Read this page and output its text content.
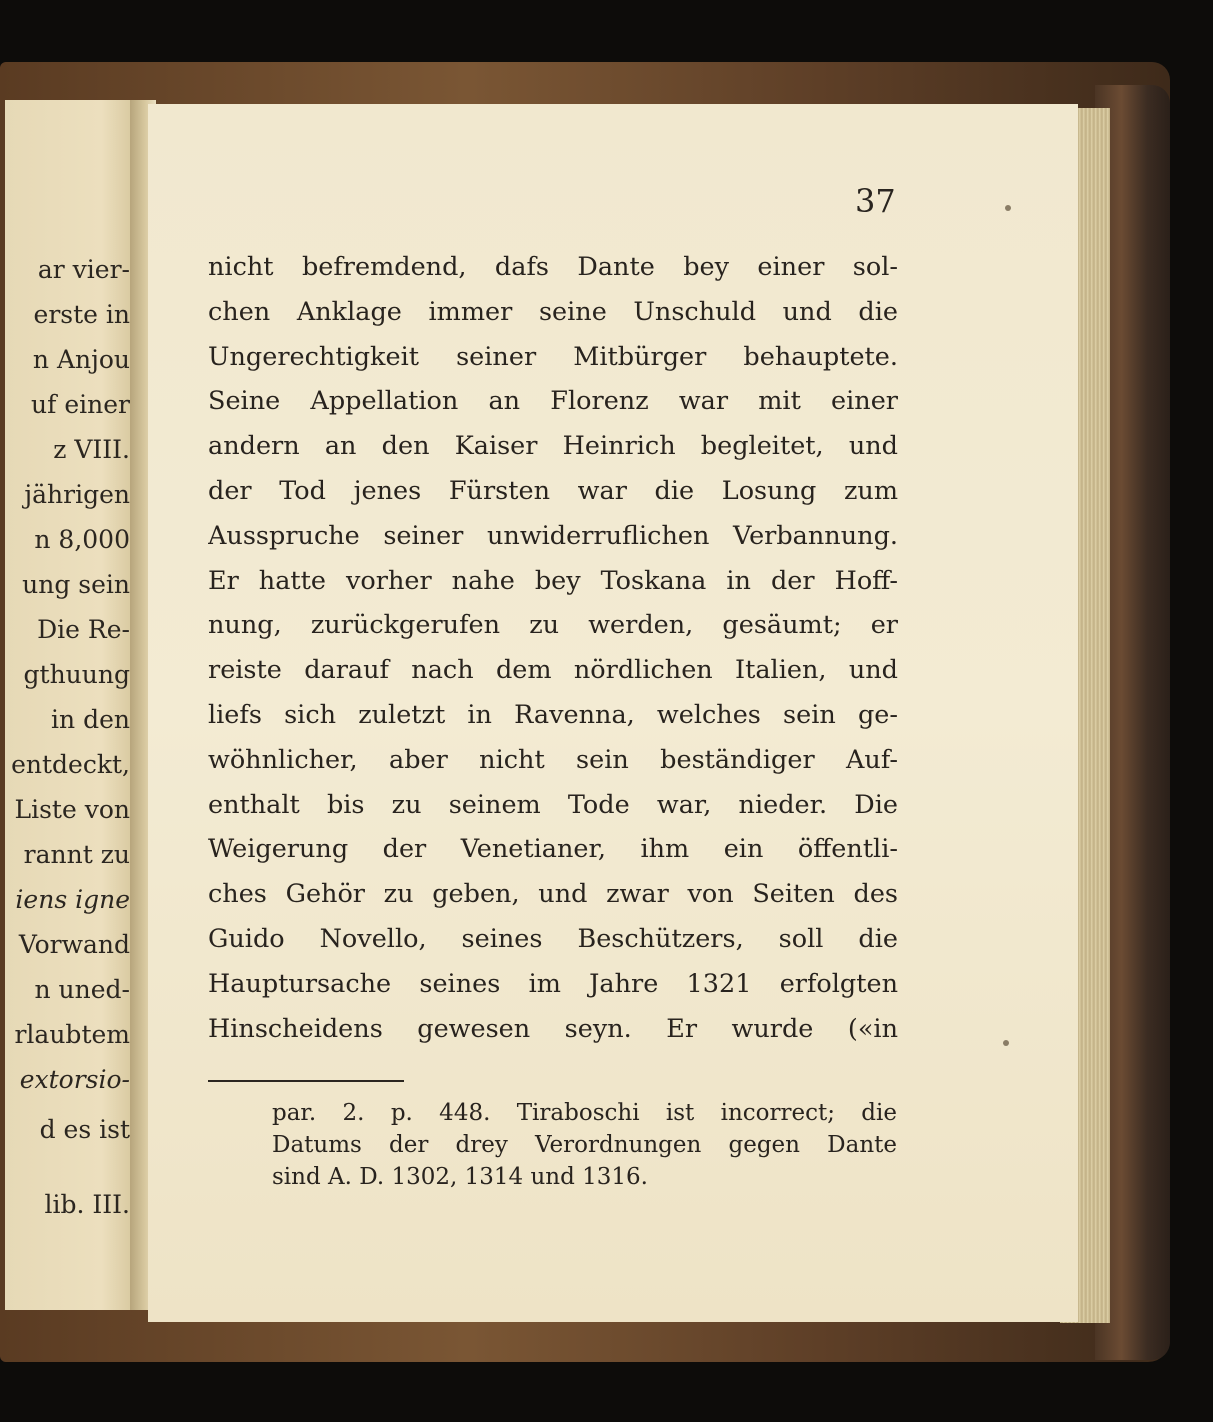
ar vier-
erste in
n Anjou
uf einer
z VIII.
jährigen
n 8,000
ung sein
Die Re-
gthuung
in den
entdeckt,
Liste von
rannt zu
iens igne
Vorwand
n uned-
rlaubtem
extorsio-
d es ist
lib. III.
37
nicht befremdend, dafs Dante bey einer sol-
chen Anklage immer seine Unschuld und die
Ungerechtigkeit seiner Mitbürger behauptete.
Seine Appellation an Florenz war mit einer
andern an den Kaiser Heinrich begleitet, und
der Tod jenes Fürsten war die Losung zum
Ausspruche seiner unwiderruflichen Verbannung.
Er hatte vorher nahe bey Toskana in der Hoff-
nung, zurückgerufen zu werden, gesäumt; er
reiste darauf nach dem nördlichen Italien, und
liefs sich zuletzt in Ravenna, welches sein ge-
wöhnlicher, aber nicht sein beständiger Auf-
enthalt bis zu seinem Tode war, nieder. Die
Weigerung der Venetianer, ihm ein öffentli-
ches Gehör zu geben, und zwar von Seiten des
Guido Novello, seines Beschützers, soll die
Hauptursache seines im Jahre 1321 erfolgten
Hinscheidens gewesen seyn. Er wurde («in
par. 2. p. 448. Tiraboschi ist incorrect; die
Datums der drey Verordnungen gegen Dante
sind A. D. 1302, 1314 und 1316.
